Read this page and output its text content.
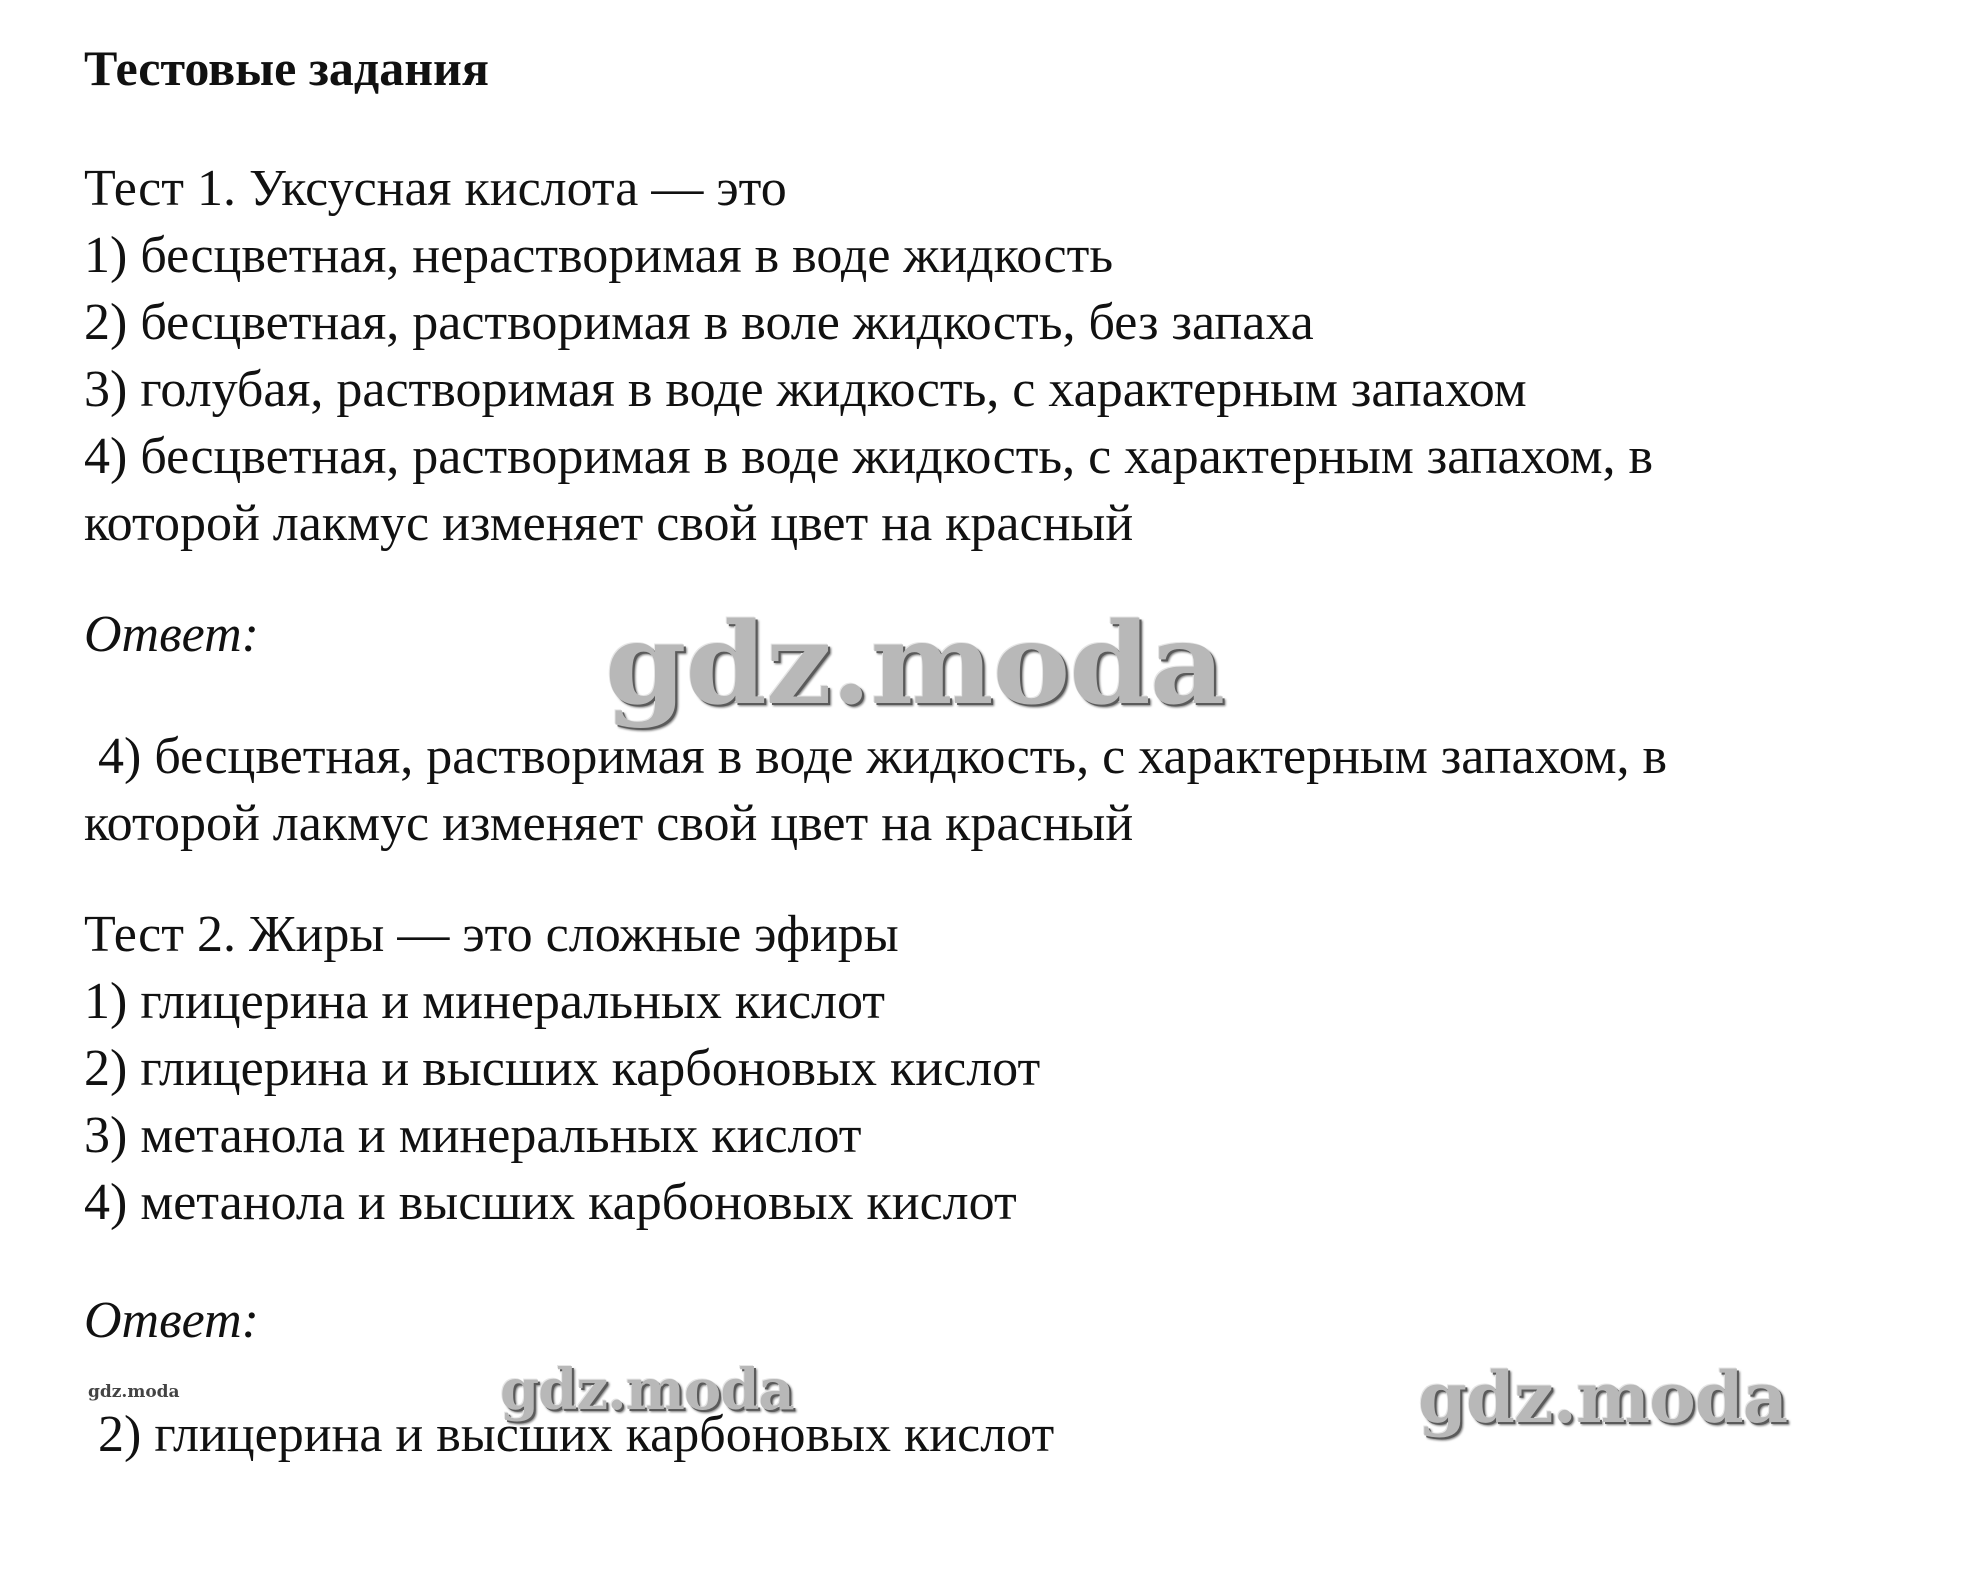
Тестовые задания
Тест 1. Уксусная кислота — это
1) бесцветная, нерастворимая в воде жидкость
2) бесцветная, растворимая в воле жидкость, без запаха
3) голубая, растворимая в воде жидкость, с характерным запахом
4) бесцветная, растворимая в воде жидкость, с характерным запахом, в
которой лакмус изменяет свой цвет на красный
Ответ:	gdz.moda
4) бесцветная, растворимая в воде жидкость, с характерным запахом, в
которой лакмус изменяет свой цвет на красный
Тест 2. Жиры — это сложные эфиры
1) глицерина и минеральных кислот
2) глицерина и высших карбоновых кислот
3) метанола и минеральных кислот
4) метанола и высших карбоновых кислот
Ответ:
gdz.moda	gdz.moda	gdz.moda
2) глицерина и высших карбоновых кислот
